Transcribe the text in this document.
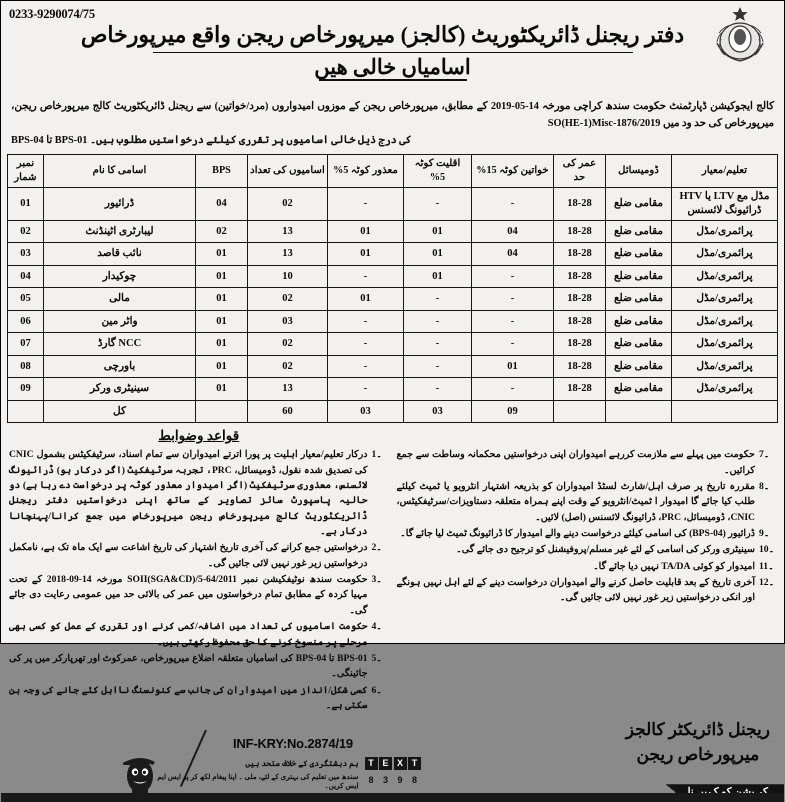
0233-9290074/75
دفتر ریجنل ڈائریکٹوریٹ (کالجز) میرپورخاص ریجن واقع میرپورخاص
اسامیاں خالی ھیں
کالج ایجوکیشن ڈپارٹمنٹ حکومت سندھ کراچی مورخہ 14-05-2019 کے مطابق، میرپورخاص ریجن کے موزوں امیدواروں (مرد/خواتین) سے ریجنل ڈائریکٹوریٹ کالج میرپورخاص ریجن، میرپورخاص کی حد ود میں SO(HE-1)Misc-1876/2019
کی درج ذیل خالی اسامیوں پر تقرری کیلئے درخواستیں مطلوب ہیں۔ BPS-01 تا BPS-04
تعلیم/معیار	ڈومیسائل	عمر کی حد	خواتین کوٹہ 15%	اقلیت کوٹہ 5%	معذور کوٹہ 5%	اسامیوں کی تعداد	BPS	اسامی کا نام	نمبر شمار
مڈل مع LTV یا HTV ڈرائیونگ لائسنس	مقامی ضلع	18-28	-	-	-	02	04	ڈرائیور	01
پرائمری/مڈل	مقامی ضلع	18-28	04	01	01	13	02	لیبارٹری اٹینڈنٹ	02
پرائمری/مڈل	مقامی ضلع	18-28	04	01	01	13	01	نائب قاصد	03
پرائمری/مڈل	مقامی ضلع	18-28	-	01	-	10	01	چوکیدار	04
پرائمری/مڈل	مقامی ضلع	18-28	-	-	01	02	01	مالی	05
پرائمری/مڈل	مقامی ضلع	18-28	-	-	-	03	01	واٹر مین	06
پرائمری/مڈل	مقامی ضلع	18-28	-	-	-	02	01	NCC گارڈ	07
پرائمری/مڈل	مقامی ضلع	18-28	01	-	-	02	01	باورچی	08
پرائمری/مڈل	مقامی ضلع	18-28	-	-	-	13	01	سینیٹری ورکر	09
			09	03	03	60		کل	
7۔
حکومت میں پہلے سے ملازمت کررہے امیدواران اپنی درخواستیں محکمانہ وساطت سے جمع کرائیں۔
8۔
مقررہ تاریخ پر صرف اہل/شارٹ لسٹڈ امیدواران کو بذریعہ اشتہار انٹرویو یا ٹمیٹ کیلئے طلب کیا جائے گا امیدوار ا ٹمیٹ/انٹرویو کے وقت اپنے ہمراہ متعلقہ دستاویزات/سرٹیفکیٹس، CNIC، ڈومیسائل، PRC، ڈرائیونگ لائسنس (اصل) لائیں۔
9۔
ڈرائیور (BPS-04) کی اسامی کیلئے درخواست دینے والے امیدوار کا ڈرائیونگ ٹمیٹ لیا جائے گا۔
10۔
سینیٹری ورکر کی اسامی کے لئے غیر مسلم/پروفیشنل کو ترجیح دی جائے گی۔
11۔
امیدوار کو کوئی TA/DA نہیں دیا جائے گا۔
12۔
آخری تاریخ کے بعد قابلیت حاصل کرنے والے امیدواران درخواست دینے کے لئے اہل نہیں ہونگے اور انکی درخواستیں زیر غور نہیں لائی جائیں گی۔
قواعد وضوابط
1۔
درکار تعلیم/معیار اہلیت پر پورا اترتے امیدواران سے تمام اسناد، سرٹیفکیٹس بشمول CNIC کی تصدیق شدہ نقول، ڈومیسائل، PRC، تجربہ سرٹیفکیٹ (اگر درکار ہو) ڈرائیونگ لائسنس، معذوری سرٹیفکیٹ (اگر امیدوار معذور کوٹہ پر درخواست دے رہا ہے) دو حالیہ پاسپورٹ سائز تصاویر کے ساتھ اپنی درخواستیں دفتر ریجنل ڈائریکٹوریٹ کالج میرپورخاص ریجن میرپورخاص میں جمع کرانا/پہنچانا درکار ہے۔
2۔
درخواستیں جمع کرانے کی آخری تاریخ اشتہار کی تاریخ اشاعت سے ایک ماہ تک ہے، نامکمل درخواستیں زیر غور نہیں لائی جائیں گی۔
3۔
حکومت سندھ نوٹیفکیشن نمبر SOII(SGA&CD)/5-64/2011 مورخہ 14-09-2018 کے تحت مہیا کردہ کے مطابق تمام درخواستوں میں عمر کی بالائی حد میں عمومی رعایت دی جائے گی۔
4۔
حکومت اسامیوں کی تعداد میں اضافہ/کمی کرنے اور تقرری کے عمل کو کسی بھی مرحلے پر منسوخ کرنے کا حق محفوظ رکھتی ہیں۔
5۔
BPS-01 تا BPS-04 کی اسامیاں متعلقہ اضلاع میرپورخاص، عمرکوٹ اور تھرپارکر میں پر کی جائینگی۔
6۔
کسی شکل/انداز میں امیدواران کی جانب سے کنونسنگ نااہل کئے جانے کی وجہ بن سکتی ہے۔
ریجنل ڈائریکٹر کالجز
میرپورخاص ریجن
INF-KRY:No.2874/19
ہم دہشتگردی کے خلاف متحد ہیں	T E X T
سندھ میں تعلیم کی بہتری کے لئے، ملی ۔ اپنا پیغام لکھ کر پر ایس ایم ایس کریں۔
8	3	9	8
